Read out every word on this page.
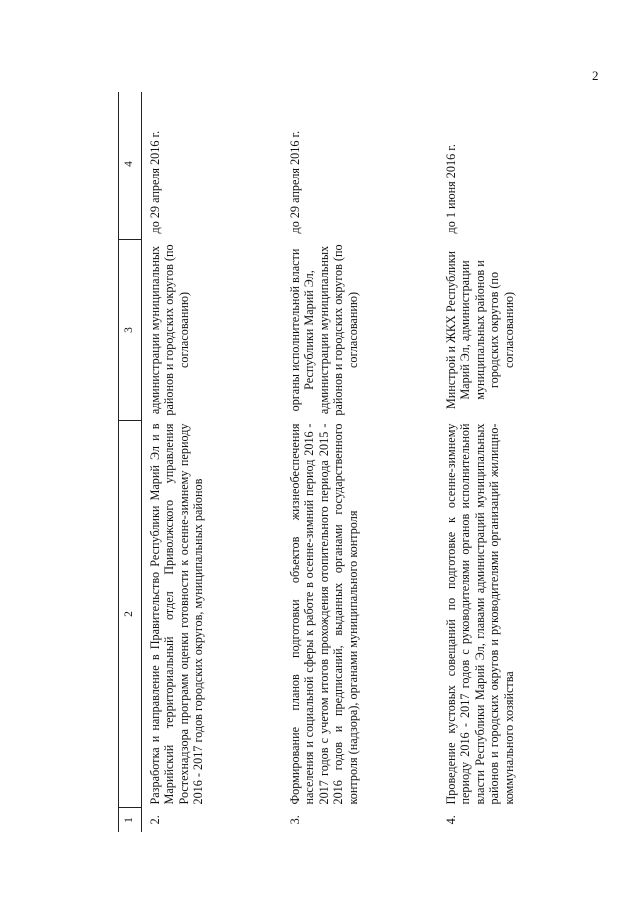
2
1	2	3	4
2.	Разработка и направление в Правительство Республики Марий Эл и в Марийский территориальный отдел Приволжского управления Ростехнадзора программ оценки готовности к осенне-зимнему периоду 2016 - 2017 годов городских округов, муниципальных районов	администрации муниципальных районов и городских округов (по согласованию)	до 29 апреля 2016 г.
3.	Формирование планов подготовки объектов жизнеобеспечения населения и социальной сферы к работе в осенне-зимний период 2016 - 2017 годов с учетом итогов прохождения отопительного периода 2015 - 2016 годов и предписаний, выданных органами государственного контроля (надзора), органами муниципального контроля	органы исполнительной власти Республики Марий Эл, администрации муниципальных районов и городских округов (по согласованию)	до 29 апреля 2016 г.
4.	Проведение кустовых совещаний по подготовке к осенне-зимнему периоду 2016 - 2017 годов с руководителями органов исполнительной власти Республики Марий Эл, главами администраций муниципальных районов и городских округов и руководителями организаций жилищно-коммунального хозяйства	Минстрой и ЖКХ Республики Марий Эл, администрации муниципальных районов и городских округов (по согласованию)	до 1 июня 2016 г.
